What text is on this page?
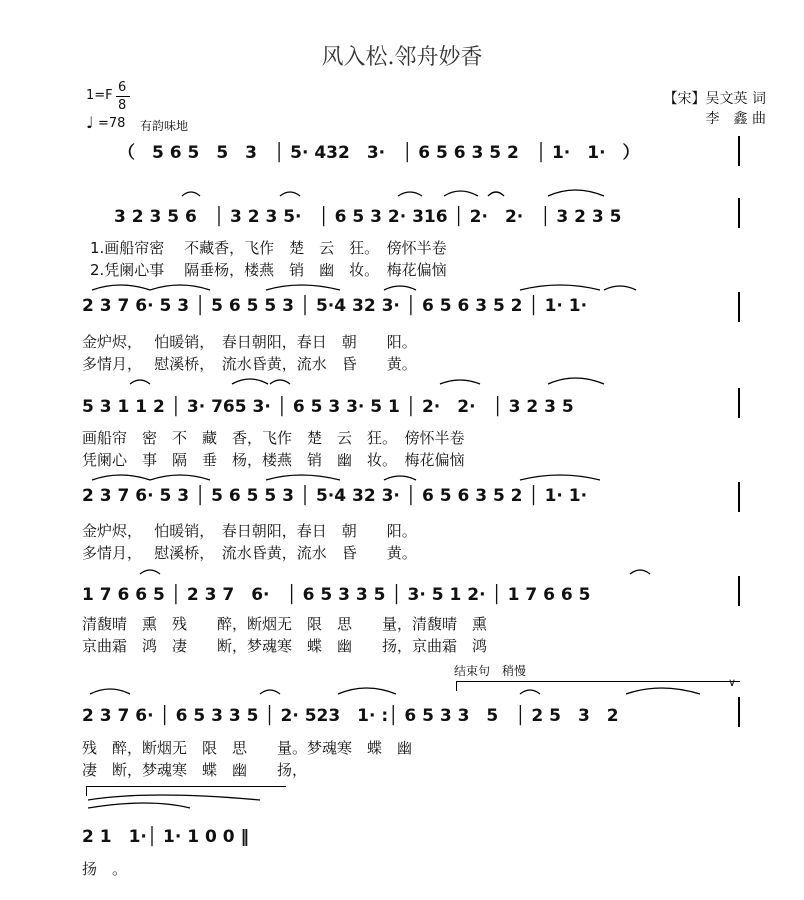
风入松.邻舟妙香
1=F
6
8
♩ =78 有韵味地
【宋】吴文英 词
李　鑫 曲
（　5 6 5　5　3　│ 5· 432　3·　│ 6 5 6 3 5 2　│ 1·　1·　）
3 2 3 5 6　│ 3 2 3 5·　│ 6 5 3 2· 316 │ 2·　2·　│ 3 2 3 5
1.画船帘密　 不藏香，飞作　楚　云　狂。　傍怀半卷
2.凭阑心事　 隔垂杨，楼燕　销　幽　妆。　梅花偏恼
2 3 7 6· 5 3 │ 5 6 5 5 3 │ 5·4 32 3· │ 6 5 6 3 5 2 │ 1· 1·
金炉烬，　 怕暖销，　春日朝阳，春日　朝　　阳。
多情月，　 慰溪桥，　流水昏黄，流水　昏　　黄。
5 3 1 1 2 │ 3· 765 3· │ 6 5 3 3· 5 1 │ 2·　2·　│ 3 2 3 5
画船帘　密　不　藏　香，飞作　楚　云　狂。　傍怀半卷
凭阑心　事　隔　垂　杨，楼燕　销　幽　妆。　梅花偏恼
2 3 7 6· 5 3 │ 5 6 5 5 3 │ 5·4 32 3· │ 6 5 6 3 5 2 │ 1· 1·
金炉烬，　 怕暖销，　春日朝阳，春日　朝　　阳。
多情月，　 慰溪桥，　流水昏黄，流水　昏　　黄。
1 7 6 6 5 │ 2 3 7　6·　│ 6 5 3 3 5 │ 3· 5 1 2· │ 1 7 6 6 5
清馥晴　熏　残　　醉，断烟无　限　思　　量，清馥晴　熏
京曲霜　鸿　凄　　断，梦魂寒　蝶　幽　　扬，京曲霜　鸿
结束句　稍慢
∨
2 3 7 6· │ 6 5 3 3 5 │ 2· 523　1· :│ 6 5 3 3　5　│ 2 5　3　2
残　醉，断烟无　限　思　　量。梦魂寒　蝶　幽
凄　断，梦魂寒　蝶　幽　　扬，
2 1　1·│ 1· 1 0 0 ‖
扬　。
